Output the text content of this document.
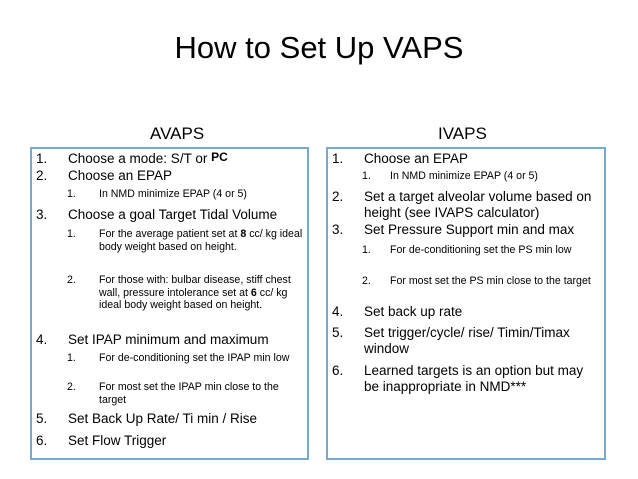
How to Set Up VAPS
AVAPS	IVAPS
1.	Choose a mode: S/T or PC
2.	Choose an EPAP
1.	In NMD minimize EPAP (4 or 5)
3.	Choose a goal Target Tidal Volume
1.	For the average patient set at 8 cc/ kg ideal body weight based on height.
2.	For those with: bulbar disease, stiff chest wall, pressure intolerance set at 6 cc/ kg ideal body weight based on height.
4.	Set IPAP minimum and maximum
1.	For de-conditioning set the IPAP min low
2.	For most set the IPAP min close to the target
5.	Set Back Up Rate/ Ti min / Rise
6.	Set Flow Trigger
1.	Choose an EPAP
1.	In NMD minimize EPAP (4 or 5)
2.	Set a target alveolar volume based on height (see IVAPS calculator)
3.	Set Pressure Support min and max
1.	For de-conditioning set the PS min low
2.	For most set the PS min close to the target
4.	Set back up rate
5.	Set trigger/cycle/ rise/ Timin/Timax window
6.	Learned targets is an option but may be inappropriate in NMD***
